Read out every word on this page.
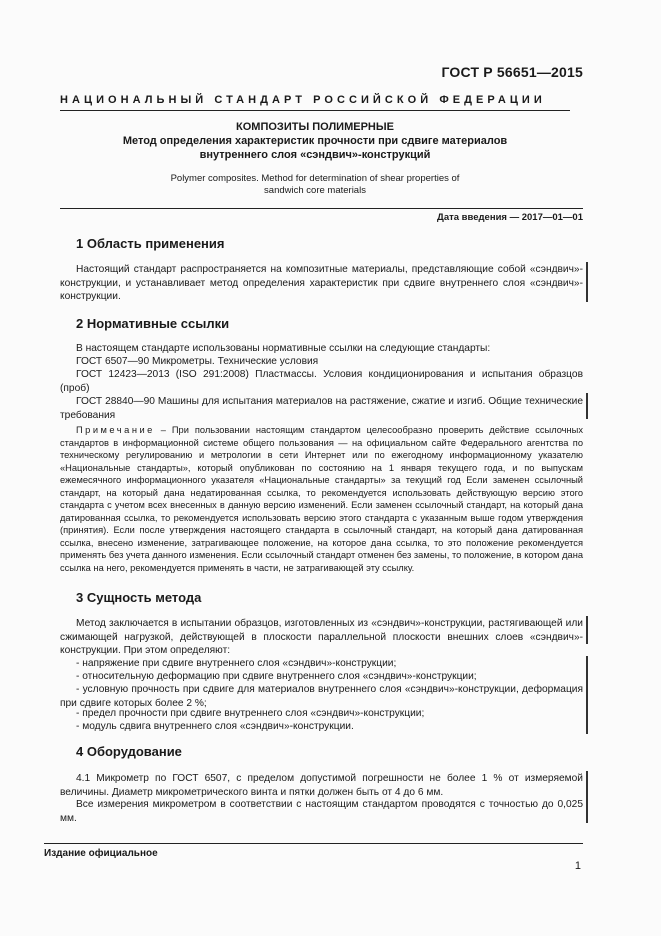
ГОСТ Р 56651—2015
НАЦИОНАЛЬНЫЙ СТАНДАРТ РОССИЙСКОЙ ФЕДЕРАЦИИ
КОМПОЗИТЫ ПОЛИМЕРНЫЕ
Метод определения характеристик прочности при сдвиге материалов
внутреннего слоя «сэндвич»-конструкций
Polymer composites. Method for determination of shear properties of
sandwich core materials
Дата введения — 2017—01—01
1 Область применения
Настоящий стандарт распространяется на композитные материалы, представляющие собой «сэндвич»-конструкции, и устанавливает метод определения характеристик при сдвиге внутреннего слоя «сэндвич»-конструкции.
2 Нормативные ссылки
В настоящем стандарте использованы нормативные ссылки на следующие стандарты:
ГОСТ 6507—90 Микрометры. Технические условия
ГОСТ 12423—2013 (ISO 291:2008) Пластмассы. Условия кондиционирования и испытания образцов (проб)
ГОСТ 28840—90 Машины для испытания материалов на растяжение, сжатие и изгиб. Общие технические требования
Примечание – При пользовании настоящим стандартом целесообразно проверить действие ссылочных стандартов в информационной системе общего пользования — на официальном сайте Федерального агентства по техническому регулированию и метрологии в сети Интернет или по ежегодному информационному указателю «Национальные стандарты», который опубликован по состоянию на 1 января текущего года, и по выпускам ежемесячного информационного указателя «Национальные стандарты» за текущий год Если заменен ссылочный стандарт, на который дана недатированная ссылка, то рекомендуется использовать действующую версию этого стандарта с учетом всех внесенных в данную версию изменений. Если заменен ссылочный стандарт, на который дана датированная ссылка, то рекомендуется использовать версию этого стандарта с указанным выше годом утверждения (принятия). Если после утверждения настоящего стандарта в ссылочный стандарт, на который дана датированная ссылка, внесено изменение, затрагивающее положение, на которое дана ссылка, то это положение рекомендуется применять без учета данного изменения. Если ссылочный стандарт отменен без замены, то положение, в котором дана ссылка на него, рекомендуется применять в части, не затрагивающей эту ссылку.
3 Сущность метода
Метод заключается в испытании образцов, изготовленных из «сэндвич»-конструкции, растягивающей или сжимающей нагрузкой, действующей в плоскости параллельной плоскости внешних слоев «сэндвич»-конструкции. При этом определяют:
- напряжение при сдвиге внутреннего слоя «сэндвич»-конструкции;
- относительную деформацию при сдвиге внутреннего слоя «сэндвич»-конструкции;
- условную прочность при сдвиге для материалов внутреннего слоя «сэндвич»-конструкции, деформация при сдвиге которых более 2 %;
- предел прочности при сдвиге внутреннего слоя «сэндвич»-конструкции;
- модуль сдвига внутреннего слоя «сэндвич»-конструкции.
4 Оборудование
4.1 Микрометр по ГОСТ 6507, с пределом допустимой погрешности не более 1 % от измеряемой величины. Диаметр микрометрического винта и пятки должен быть от 4 до 6 мм.
Все измерения микрометром в соответствии с настоящим стандартом проводятся с точностью до 0,025 мм.
Издание официальное
1
